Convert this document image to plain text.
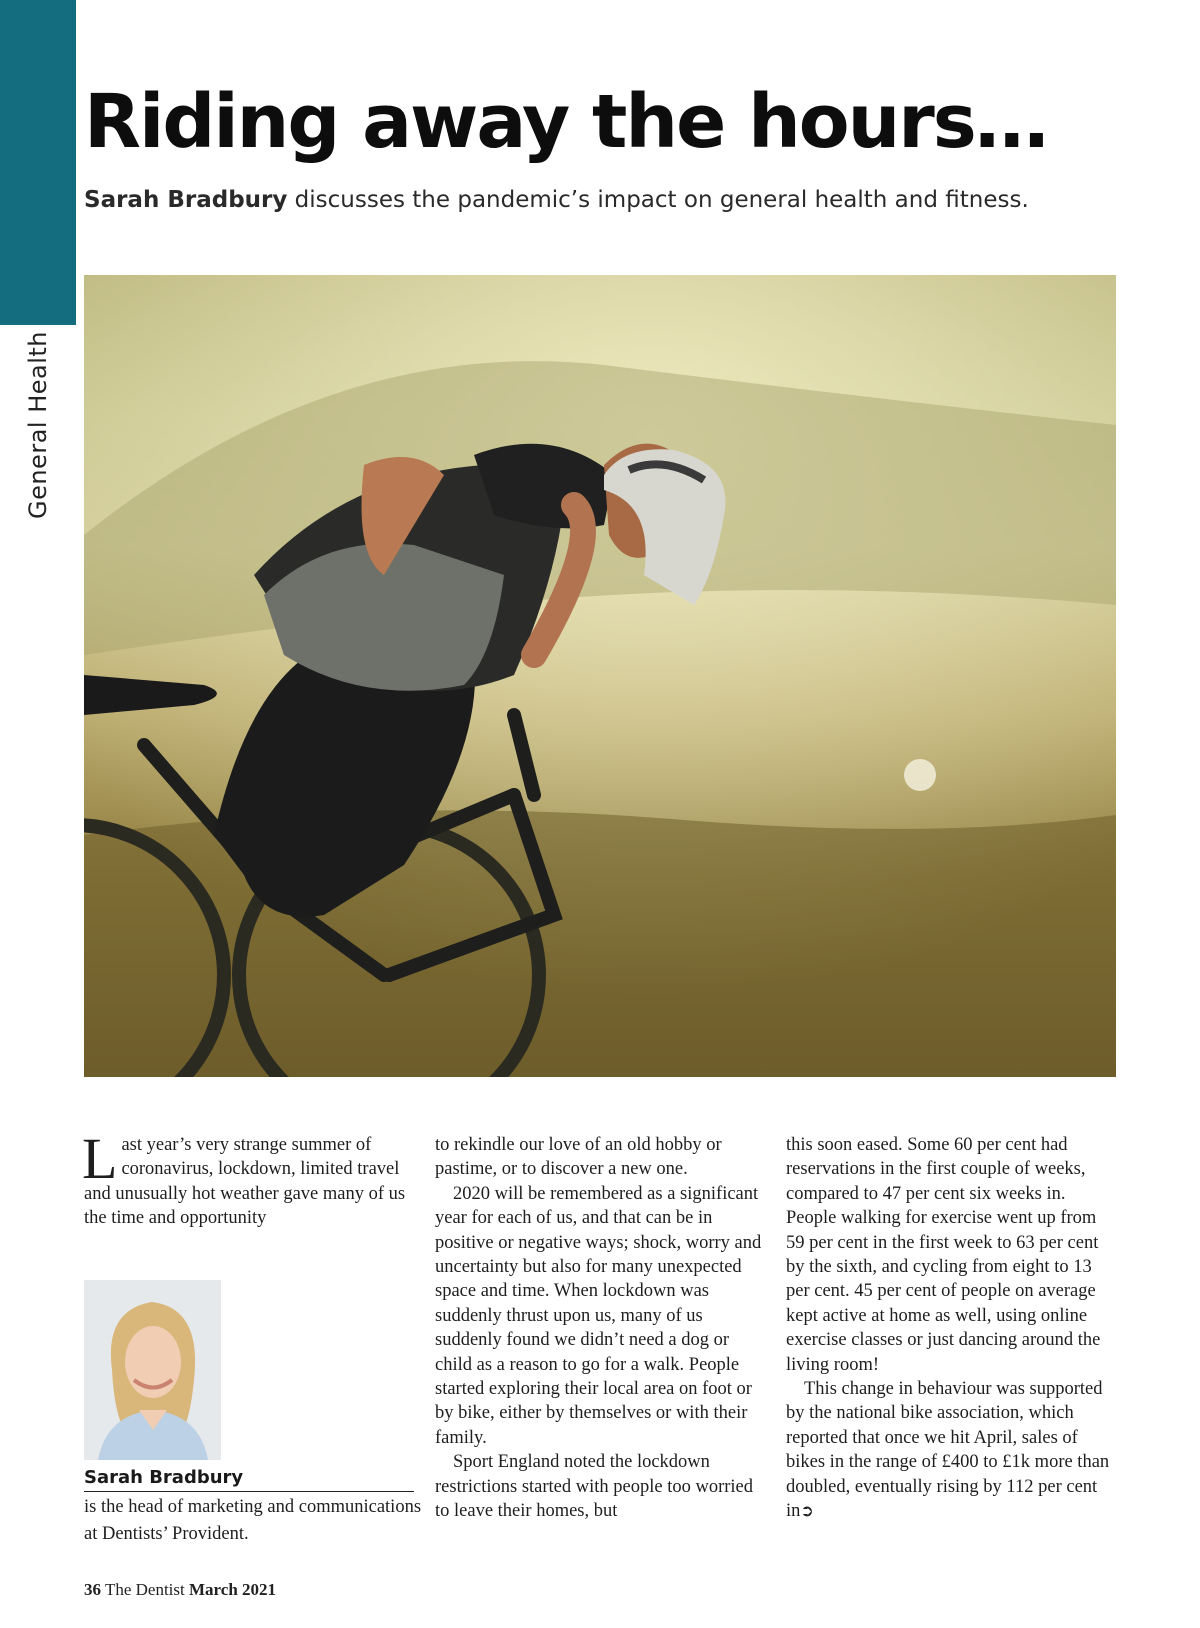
General Health
Riding away the hours…
Sarah Bradbury discusses the pandemic’s impact on general health and fitness.

Last year’s very strange summer of coronavirus, lockdown, limited travel and unusually hot weather gave many of us the time and opportunity

to rekindle our love of an old hobby or pastime, or to discover a new one.

2020 will be remembered as a significant year for each of us, and that can be in positive or negative ways; shock, worry and uncertainty but also for many unexpected space and time. When lockdown was suddenly thrust upon us, many of us suddenly found we didn’t need a dog or child as a reason to go for a walk. People started exploring their local area on foot or by bike, either by themselves or with their family.

Sport England noted the lockdown restrictions started with people too worried to leave their homes, but

this soon eased. Some 60 per cent had reservations in the first couple of weeks, compared to 47 per cent six weeks in. People walking for exercise went up from 59 per cent in the first week to 63 per cent by the sixth, and cycling from eight to 13 per cent. 45 per cent of people on average kept active at home as well, using online exercise classes or just dancing around the living room!

This change in behaviour was supported by the national bike association, which reported that once we hit April, sales of bikes in the range of £400 to £1k more than doubled, eventually rising by 112 per cent in➲

Sarah Bradbury
is the head of marketing and communications at Dentists’ Provident.
36 The Dentist March 2021
